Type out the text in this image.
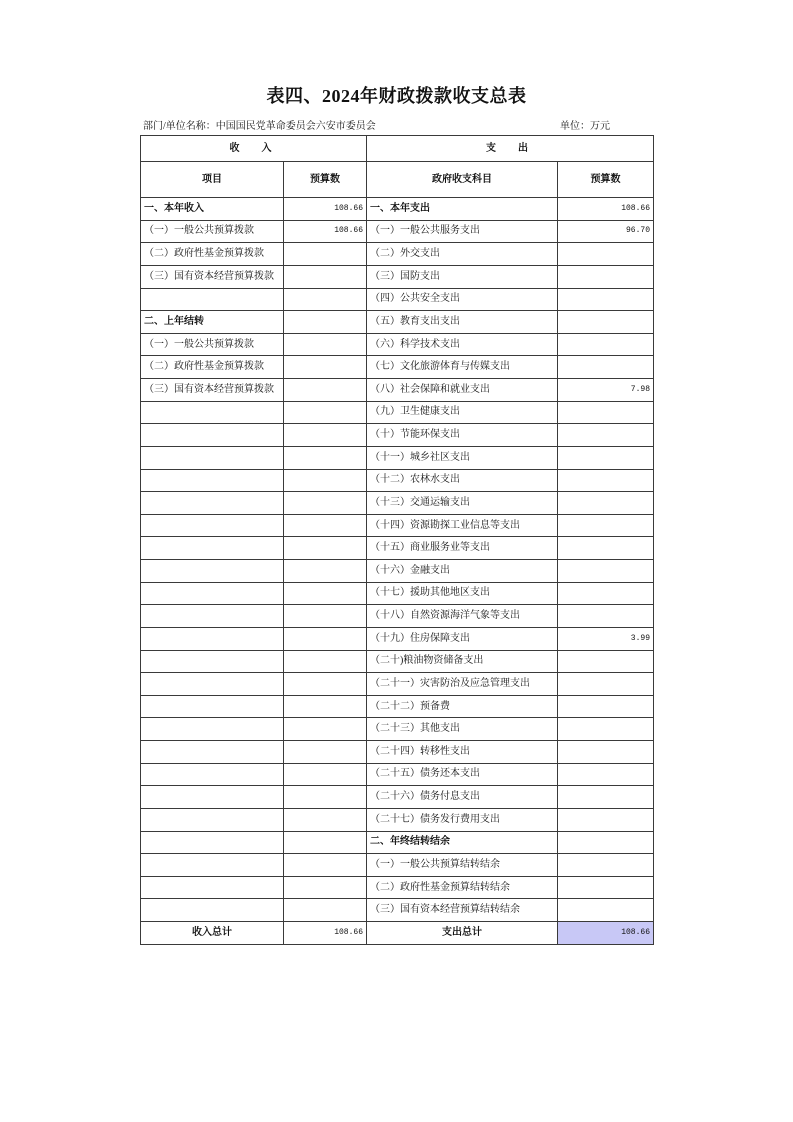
表四、2024年财政拨款收支总表
部门/单位名称：中国国民党革命委员会六安市委员会	单位：万元
收　入		支　出	
项目	预算数	政府收支科目	预算数
一、本年收入	108.66	一、本年支出	108.66
（一）一般公共预算拨款	108.66	（一）一般公共服务支出	96.70
（二）政府性基金预算拨款		（二）外交支出	
（三）国有资本经营预算拨款		（三）国防支出	
		（四）公共安全支出	
二、上年结转		（五）教育支出支出	
（一）一般公共预算拨款		（六）科学技术支出	
（二）政府性基金预算拨款		（七）文化旅游体育与传媒支出	
（三）国有资本经营预算拨款		（八）社会保障和就业支出	7.98
		（九）卫生健康支出	
		（十）节能环保支出	
		（十一）城乡社区支出	
		（十二）农林水支出	
		（十三）交通运输支出	
		（十四）资源勘探工业信息等支出	
		（十五）商业服务业等支出	
		（十六）金融支出	
		（十七）援助其他地区支出	
		（十八）自然资源海洋气象等支出	
		（十九）住房保障支出	3.99
		（二十)粮油物资储备支出	
		（二十一）灾害防治及应急管理支出	
		（二十二）预备费	
		（二十三）其他支出	
		（二十四）转移性支出	
		（二十五）债务还本支出	
		（二十六）债务付息支出	
		（二十七）债务发行费用支出	
		二、年终结转结余	
		（一）一般公共预算结转结余	
		（二）政府性基金预算结转结余	
		（三）国有资本经营预算结转结余	
收入总计	108.66	支出总计	108.66
